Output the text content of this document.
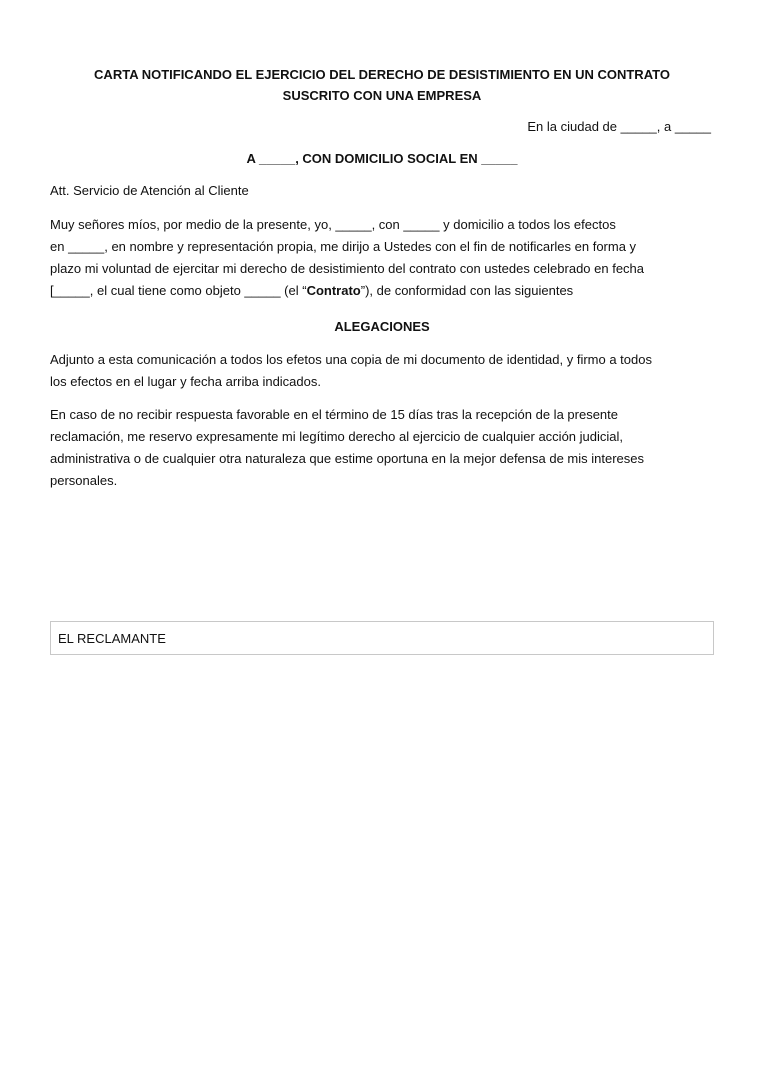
CARTA NOTIFICANDO EL EJERCICIO DEL DERECHO DE DESISTIMIENTO EN UN CONTRATO
SUSCRITO CON UNA EMPRESA
En la ciudad de _____, a _____
A _____, CON DOMICILIO SOCIAL EN _____
Att. Servicio de Atención al Cliente

Muy señores míos, por medio de la presente, yo, _____, con _____ y domicilio a todos los efectos
en _____, en nombre y representación propia, me dirijo a Ustedes con el fin de notificarles en forma y
plazo mi voluntad de ejercitar mi derecho de desistimiento del contrato con ustedes celebrado en fecha
[_____, el cual tiene como objeto _____ (el “Contrato”), de conformidad con las siguientes

ALEGACIONES

Adjunto a esta comunicación a todos los efetos una copia de mi documento de identidad, y firmo a todos
los efectos en el lugar y fecha arriba indicados.

En caso de no recibir respuesta favorable en el término de 15 días tras la recepción de la presente
reclamación, me reservo expresamente mi legítimo derecho al ejercicio de cualquier acción judicial,
administrativa o de cualquier otra naturaleza que estime oportuna en la mejor defensa de mis intereses
personales.

EL RECLAMANTE
